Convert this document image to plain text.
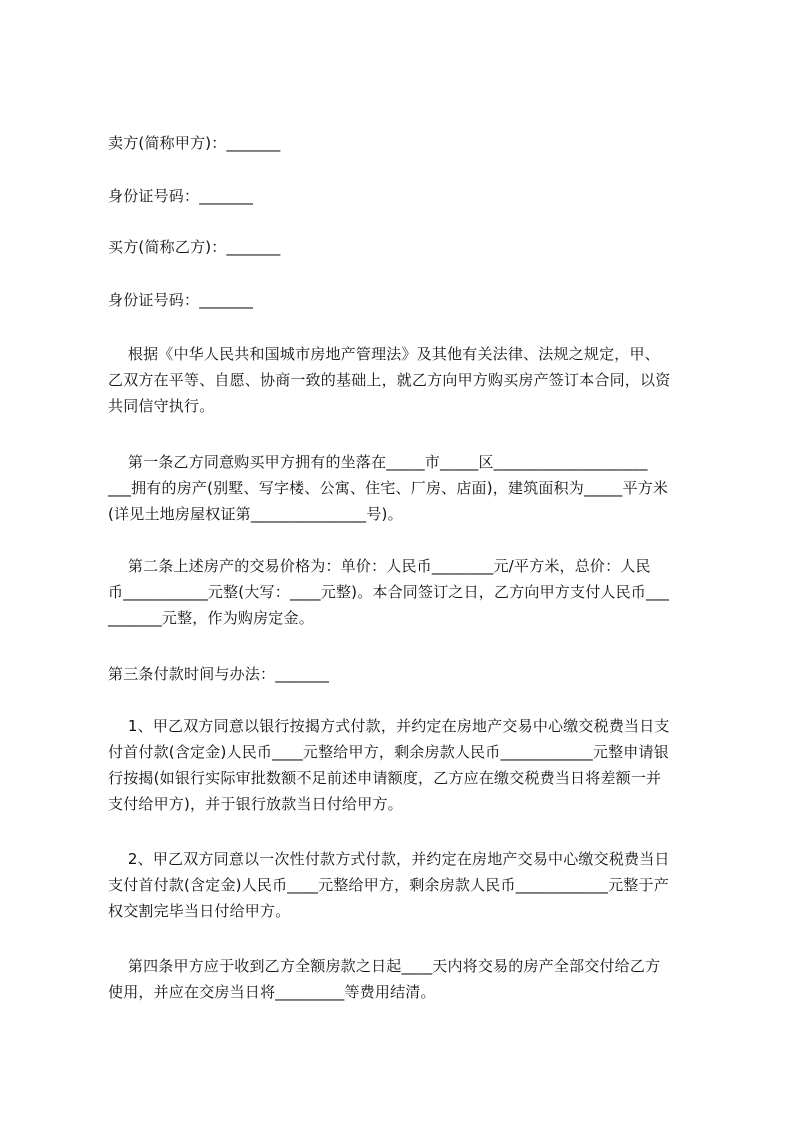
卖方(简称甲方)：_______
身份证号码：_______
买方(简称乙方)：_______
身份证号码：_______
根据《中华人民共和国城市房地产管理法》及其他有关法律、法规之规定，甲、
乙双方在平等、自愿、协商一致的基础上，就乙方向甲方购买房产签订本合同，以资
共同信守执行。
第一条乙方同意购买甲方拥有的坐落在_____市_____区____________________
___拥有的房产(别墅、写字楼、公寓、住宅、厂房、店面)，建筑面积为_____平方米
(详见土地房屋权证第_______________号)。
第二条上述房产的交易价格为：单价：人民币________元/平方米，总价：人民
币___________元整(大写：____元整)。本合同签订之日，乙方向甲方支付人民币___
_______元整，作为购房定金。
第三条付款时间与办法：_______
1、甲乙双方同意以银行按揭方式付款，并约定在房地产交易中心缴交税费当日支
付首付款(含定金)人民币____元整给甲方，剩余房款人民币____________元整申请银
行按揭(如银行实际审批数额不足前述申请额度，乙方应在缴交税费当日将差额一并
支付给甲方)，并于银行放款当日付给甲方。
2、甲乙双方同意以一次性付款方式付款，并约定在房地产交易中心缴交税费当日
支付首付款(含定金)人民币____元整给甲方，剩余房款人民币____________元整于产
权交割完毕当日付给甲方。
第四条甲方应于收到乙方全额房款之日起____天内将交易的房产全部交付给乙方
使用，并应在交房当日将_________等费用结清。
